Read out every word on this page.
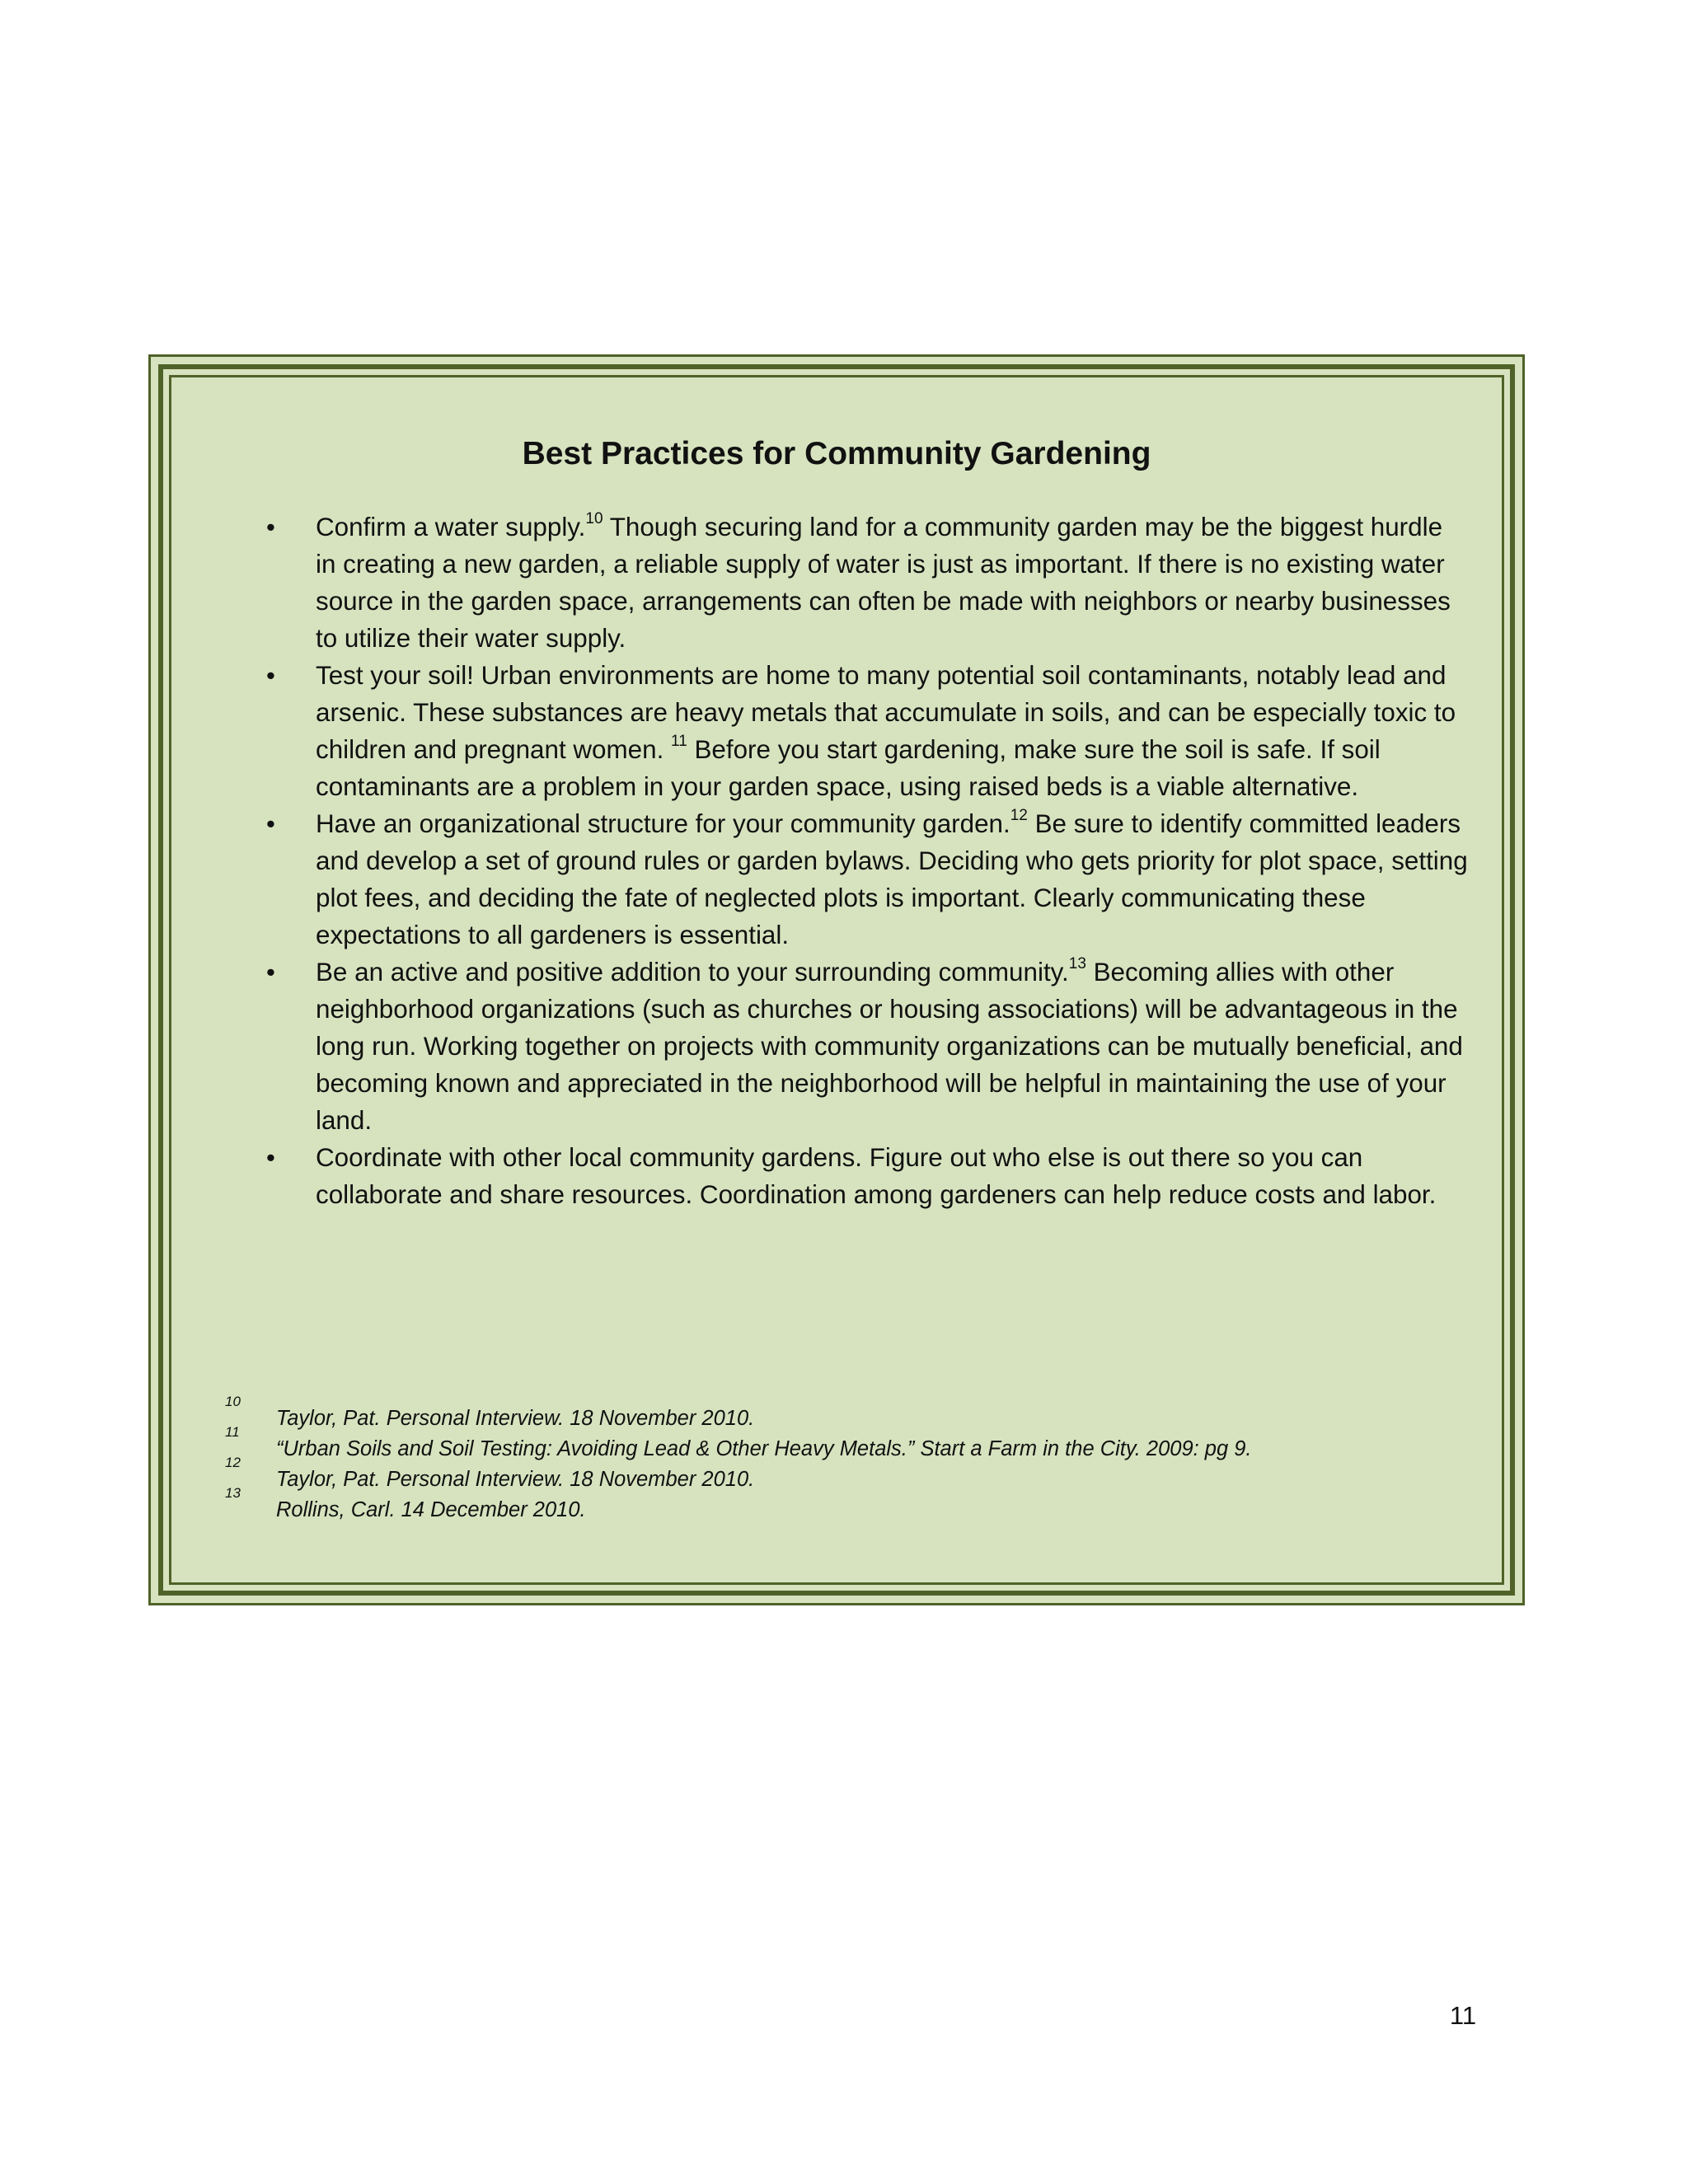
Best Practices for Community Gardening
• Confirm a water supply.$^{10}$ Though securing land for a community garden may be the biggest hurdle in creating a new garden, a reliable supply of water is just as important. If there is no existing water source in the garden space, arrangements can often be made with neighbors or nearby businesses to utilize their water supply.
• Test your soil! Urban environments are home to many potential soil contaminants, notably lead and arsenic. These substances are heavy metals that accumulate in soils, and can be especially toxic to children and pregnant women. $^{11}$ Before you start gardening, make sure the soil is safe. If soil contaminants are a problem in your garden space, using raised beds is a viable alternative.
• Have an organizational structure for your community garden.$^{12}$ Be sure to identify committed leaders and develop a set of ground rules or garden bylaws. Deciding who gets priority for plot space, setting plot fees, and deciding the fate of neglected plots is important. Clearly communicating these expectations to all gardeners is essential.
• Be an active and positive addition to your surrounding community.$^{13}$ Becoming allies with other neighborhood organizations (such as churches or housing associations) will be advantageous in the long run. Working together on projects with community organizations can be mutually beneficial, and becoming known and appreciated in the neighborhood will be helpful in maintaining the use of your land.
• Coordinate with other local community gardens. Figure out who else is out there so you can collaborate and share resources. Coordination among gardeners can help reduce costs and labor.
10
Taylor, Pat. Personal Interview. 18 November 2010.
11
“Urban Soils and Soil Testing: Avoiding Lead & Other Heavy Metals.” Start a Farm in the City. 2009: pg 9.
12
Taylor, Pat. Personal Interview. 18 November 2010.
13
Rollins, Carl. 14 December 2010.
11
